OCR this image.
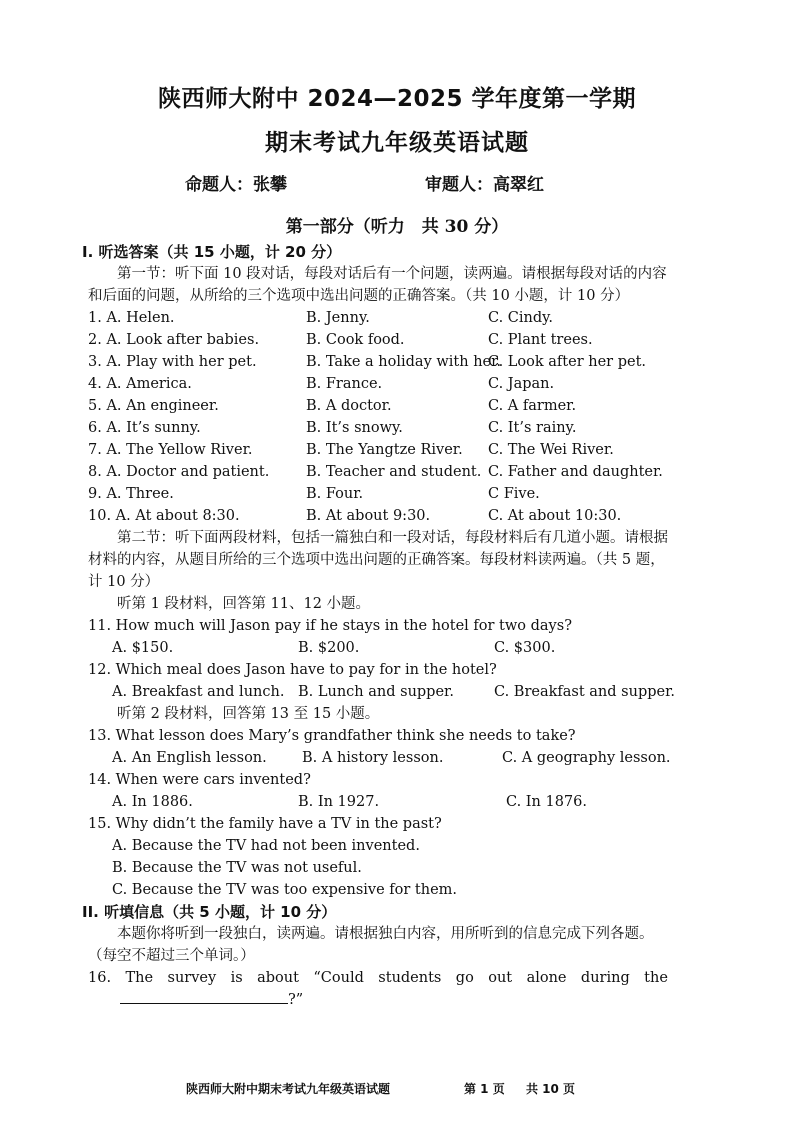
陕西师大附中 2024—2025 学年度第一学期
期末考试九年级英语试题
命题人：张攀	审题人：高翠红
第一部分（听力　共 30 分）
I. 听选答案（共 15 小题，计 20 分）
第一节：听下面 10 段对话，每段对话后有一个问题，读两遍。请根据每段对话的内容和后面的问题，从所给的三个选项中选出问题的正确答案。（共 10 小题，计 10 分）
1. A. Helen.	B. Jenny.	C. Cindy.
2. A. Look after babies.	B. Cook food.	C. Plant trees.
3. A. Play with her pet.	B. Take a holiday with her.
C. Look after her pet.
4. A. America.	B. France.	C. Japan.
5. A. An engineer.	B. A doctor.	C. A farmer.
6. A. It’s sunny.	B. It’s snowy.	C. It’s rainy.
7. A. The Yellow River.	B. The Yangtze River. C. The Wei River.
8. A. Doctor and patient.	B. Teacher and student. C. Father and daughter.
9. A. Three.	B. Four.	C Five.
10. A. At about 8:30.	B. At about 9:30.	C. At about 10:30.
第二节：听下面两段材料，包括一篇独白和一段对话，每段材料后有几道小题。请根据材料的内容，从题目所给的三个选项中选出问题的正确答案。每段材料读两遍。（共 5 题，计 10 分）
听第 1 段材料，回答第 11、12 小题。
11. How much will Jason pay if he stays in the hotel for two days?
A. $150.	B. $200.	C. $300.
12. Which meal does Jason have to pay for in the hotel?
A. Breakfast and lunch. B. Lunch and supper.	C. Breakfast and supper.
听第 2 段材料，回答第 13 至 15 小题。
13. What lesson does Mary’s grandfather think she needs to take?
A. An English lesson. B. A history lesson.	C. A geography lesson.
14. When were cars invented?
A. In 1886.	B. In 1927.	C. In 1876.
15. Why didn’t the family have a TV in the past?
A. Because the TV had not been invented.
B. Because the TV was not useful.
C. Because the TV was too expensive for them.
II. 听填信息（共 5 小题，计 10 分）
本题你将听到一段独白，读两遍。请根据独白内容，用所听到的信息完成下列各题。（每空不超过三个单词。）
16. The survey is about “Could students go out alone during the
?”
陕西师大附中期末考试九年级英语试题	第 1 页 共 10 页
